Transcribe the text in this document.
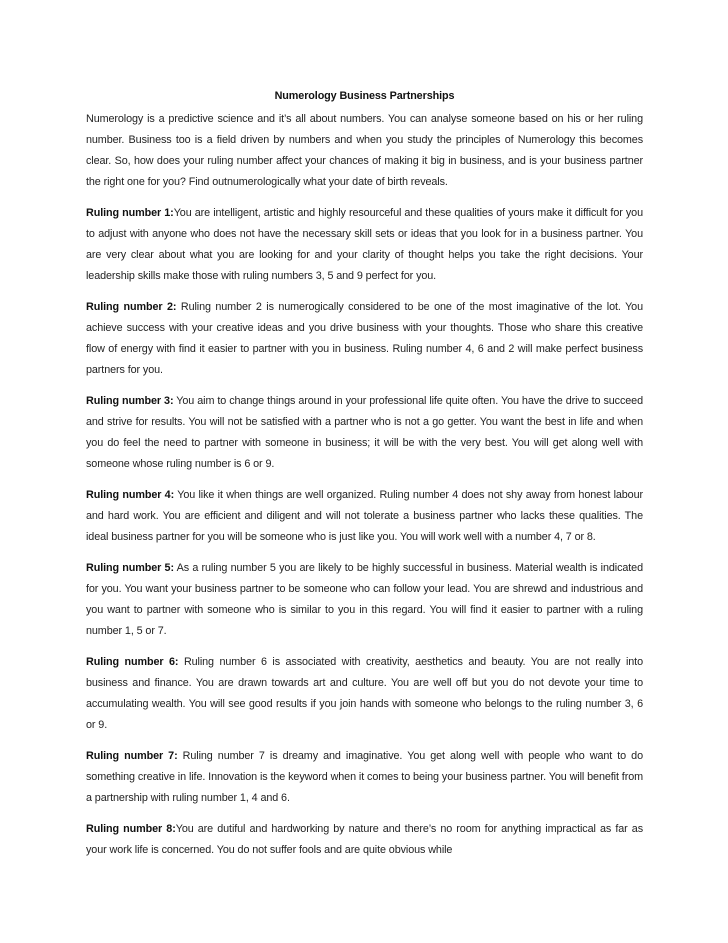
Numerology Business Partnerships

Numerology is a predictive science and it’s all about numbers. You can analyse someone based on his or her ruling number. Business too is a field driven by numbers and when you study the principles of Numerology this becomes clear. So, how does your ruling number affect your chances of making it big in business, and is your business partner the right one for you? Find outnumerologically what your date of birth reveals.

Ruling number 1:You are intelligent, artistic and highly resourceful and these qualities of yours make it difficult for you to adjust with anyone who does not have the necessary skill sets or ideas that you look for in a business partner. You are very clear about what you are looking for and your clarity of thought helps you take the right decisions. Your leadership skills make those with ruling numbers 3, 5 and 9 perfect for you.

Ruling number 2: Ruling number 2 is numerogically considered to be one of the most imaginative of the lot. You achieve success with your creative ideas and you drive business with your thoughts. Those who share this creative flow of energy with find it easier to partner with you in business. Ruling number 4, 6 and 2 will make perfect business partners for you.

Ruling number 3: You aim to change things around in your professional life quite often. You have the drive to succeed and strive for results. You will not be satisfied with a partner who is not a go getter. You want the best in life and when you do feel the need to partner with someone in business; it will be with the very best. You will get along well with someone whose ruling number is 6 or 9.

Ruling number 4: You like it when things are well organized. Ruling number 4 does not shy away from honest labour and hard work. You are efficient and diligent and will not tolerate a business partner who lacks these qualities. The ideal business partner for you will be someone who is just like you. You will work well with a number 4, 7 or 8.

Ruling number 5: As a ruling number 5 you are likely to be highly successful in business. Material wealth is indicated for you. You want your business partner to be someone who can follow your lead. You are shrewd and industrious and you want to partner with someone who is similar to you in this regard. You will find it easier to partner with a ruling number 1, 5 or 7.

Ruling number 6: Ruling number 6 is associated with creativity, aesthetics and beauty. You are not really into business and finance. You are drawn towards art and culture. You are well off but you do not devote your time to accumulating wealth. You will see good results if you join hands with someone who belongs to the ruling number 3, 6 or 9.

Ruling number 7: Ruling number 7 is dreamy and imaginative. You get along well with people who want to do something creative in life. Innovation is the keyword when it comes to being your business partner. You will benefit from a partnership with ruling number 1, 4 and 6.

Ruling number 8:You are dutiful and hardworking by nature and there’s no room for anything impractical as far as your work life is concerned. You do not suffer fools and are quite obvious while
